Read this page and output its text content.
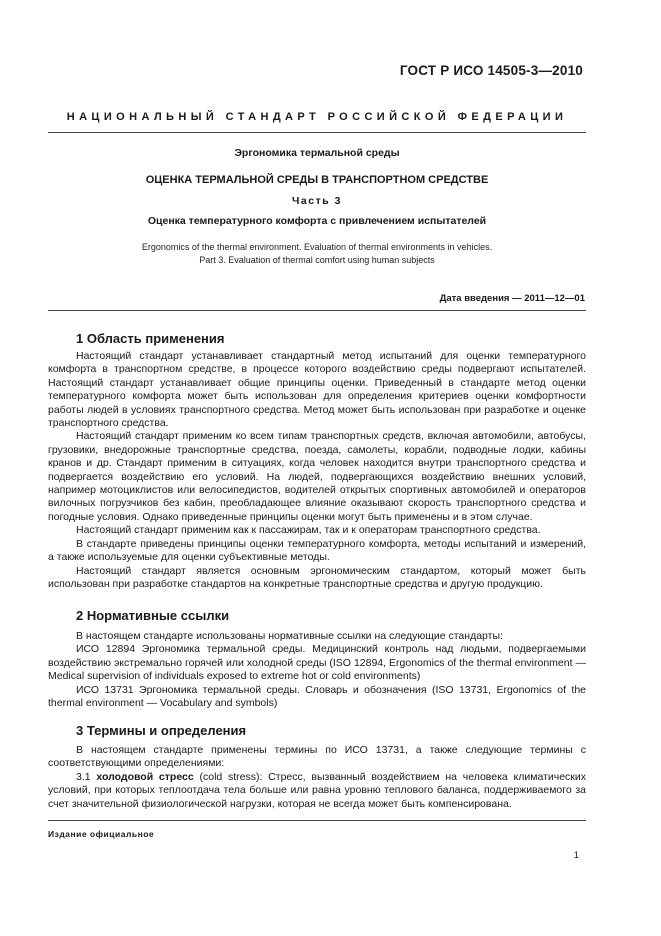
ГОСТ Р ИСО 14505-3—2010
НАЦИОНАЛЬНЫЙ СТАНДАРТ РОССИЙСКОЙ ФЕДЕРАЦИИ
Эргономика термальной среды
ОЦЕНКА ТЕРМАЛЬНОЙ СРЕДЫ В ТРАНСПОРТНОМ СРЕДСТВЕ
Часть 3
Оценка температурного комфорта с привлечением испытателей
Ergonomics of the thermal environment. Evaluation of thermal environments in vehicles.
Part 3. Evaluation of thermal comfort using human subjects
Дата введения — 2011—12—01
1 Область применения

Настоящий стандарт устанавливает стандартный метод испытаний для оценки температурного комфорта в транспортном средстве, в процессе которого воздействию среды подвергают испытателей. Настоящий стандарт устанавливает общие принципы оценки. Приведенный в стандарте метод оценки температурного комфорта может быть использован для определения критериев оценки комфортности работы людей в условиях транспортного средства. Метод может быть использован при разработке и оценке транспортного средства.

Настоящий стандарт применим ко всем типам транспортных средств, включая автомобили, автобусы, грузовики, внедорожные транспортные средства, поезда, самолеты, корабли, подводные лодки, кабины кранов и др. Стандарт применим в ситуациях, когда человек находится внутри транспортного средства и подвергается воздействию его условий. На людей, подвергающихся воздействию внешних условий, например мотоциклистов или велосипедистов, водителей открытых спортивных автомобилей и операторов вилочных погрузчиков без кабин, преобладающее влияние оказывают скорость транспортного средства и погодные условия. Однако приведенные принципы оценки могут быть применены и в этом случае.

Настоящий стандарт применим как к пассажирам, так и к операторам транспортного средства.

В стандарте приведены принципы оценки температурного комфорта, методы испытаний и измерений, а также используемые для оценки субъективные методы.

Настоящий стандарт является основным эргономическим стандартом, который может быть использован при разработке стандартов на конкретные транспортные средства и другую продукцию.

2 Нормативные ссылки

В настоящем стандарте использованы нормативные ссылки на следующие стандарты:

ИСО 12894 Эргономика термальной среды. Медицинский контроль над людьми, подвергаемыми воздействию экстремально горячей или холодной среды (ISO 12894, Ergonomics of the thermal environment — Medical supervision of individuals exposed to extreme hot or cold environments)

ИСО 13731 Эргономика термальной среды. Словарь и обозначения (ISO 13731, Ergonomics of the thermal environment — Vocabulary and symbols)

3 Термины и определения

В настоящем стандарте применены термины по ИСО 13731, а также следующие термины с соответствующими определениями:

3.1 холодовой стресс (cold stress): Стресс, вызванный воздействием на человека климатических условий, при которых теплоотдача тела больше или равна уровню теплового баланса, поддерживаемого за счет значительной физиологической нагрузки, которая не всегда может быть компенсирована.

Издание официальное
1
